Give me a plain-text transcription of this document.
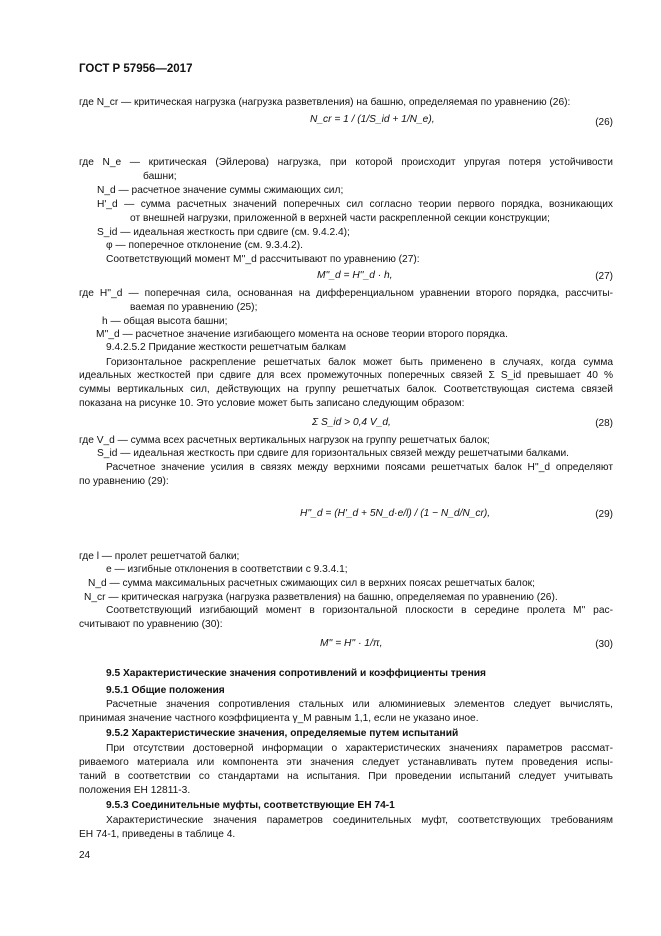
ГОСТ Р 57956—2017
где N_cr — критическая нагрузка (нагрузка разветвления) на башню, определяемая по уравнению (26):
N_cr = 1 / (1/S_id + 1/N_e),	(26)
где N_e — критическая (Эйлерова) нагрузка, при которой происходит упругая потеря устойчивости
башни;
N_d — расчетное значение суммы сжимающих сил;
H'_d — сумма расчетных значений поперечных сил согласно теории первого порядка, возникающих
от внешней нагрузки, приложенной в верхней части раскрепленной секции конструкции;
S_id — идеальная жесткость при сдвиге (см. 9.4.2.4);
φ — поперечное отклонение (см. 9.3.4.2).
Соответствующий момент M''_d рассчитывают по уравнению (27):
M''_d = H''_d · h,	(27)
где H''_d — поперечная сила, основанная на дифференциальном уравнении второго порядка, рассчиты-
ваемая по уравнению (25);
h — общая высота башни;
M''_d — расчетное значение изгибающего момента на основе теории второго порядка.
9.4.2.5.2 Придание жесткости решетчатым балкам
Горизонтальное раскрепление решетчатых балок может быть применено в случаях, когда сумма
идеальных жесткостей при сдвиге для всех промежуточных поперечных связей Σ S_id превышает 40 %
суммы вертикальных сил, действующих на группу решетчатых балок. Соответствующая система связей
показана на рисунке 10. Это условие может быть записано следующим образом:
Σ S_id > 0,4 V_d,	(28)
где V_d — сумма всех расчетных вертикальных нагрузок на группу решетчатых балок;
S_id — идеальная жесткость при сдвиге для горизонтальных связей между решетчатыми балками.
Расчетное значение усилия в связях между верхними поясами решетчатых балок H''_d определяют
по уравнению (29):
H''_d = (H'_d + 5N_d·e/l) / (1 − N_d/N_cr),	(29)
где l — пролет решетчатой балки;
e — изгибные отклонения в соответствии с 9.3.4.1;
N_d — сумма максимальных расчетных сжимающих сил в верхних поясах решетчатых балок;
N_cr — критическая нагрузка (нагрузка разветвления) на башню, определяемая по уравнению (26).
Соответствующий изгибающий момент в горизонтальной плоскости в середине пролета M'' рас-
считывают по уравнению (30):
M'' = H'' · 1/π,	(30)
9.5 Характеристические значения сопротивлений и коэффициенты трения
9.5.1 Общие положения
Расчетные значения сопротивления стальных или алюминиевых элементов следует вычислять,
принимая значение частного коэффициента γ_M равным 1,1, если не указано иное.
9.5.2 Характеристические значения, определяемые путем испытаний
При отсутствии достоверной информации о характеристических значениях параметров рассмат-
риваемого материала или компонента эти значения следует устанавливать путем проведения испы-
таний в соответствии со стандартами на испытания. При проведении испытаний следует учитывать
положения ЕН 12811-3.
9.5.3 Соединительные муфты, соответствующие ЕН 74-1
Характеристические значения параметров соединительных муфт, соответствующих требованиям
ЕН 74-1, приведены в таблице 4.
24
